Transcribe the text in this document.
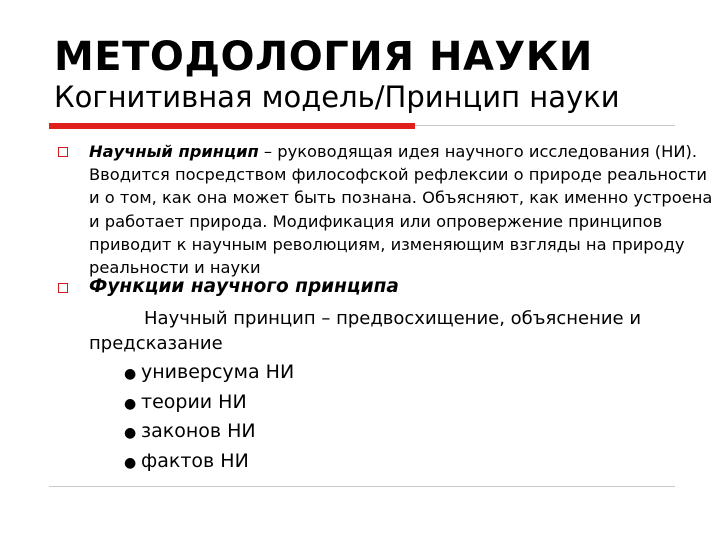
МЕТОДОЛОГИЯ НАУКИ
Когнитивная модель/Принцип науки
Научный принцип – руководящая идея научного исследования (НИ). Вводится посредством философской рефлексии о природе реальности и о том, как она может быть познана. Объясняют, как именно устроена и работает природа. Модификация или опровержение принципов приводит к научным революциям, изменяющим взгляды на природу реальности и науки
Функции научного принципа
Научный принцип – предвосхищение, объяснение и предсказание
● универсума НИ
● теории НИ
● законов НИ
● фактов НИ
